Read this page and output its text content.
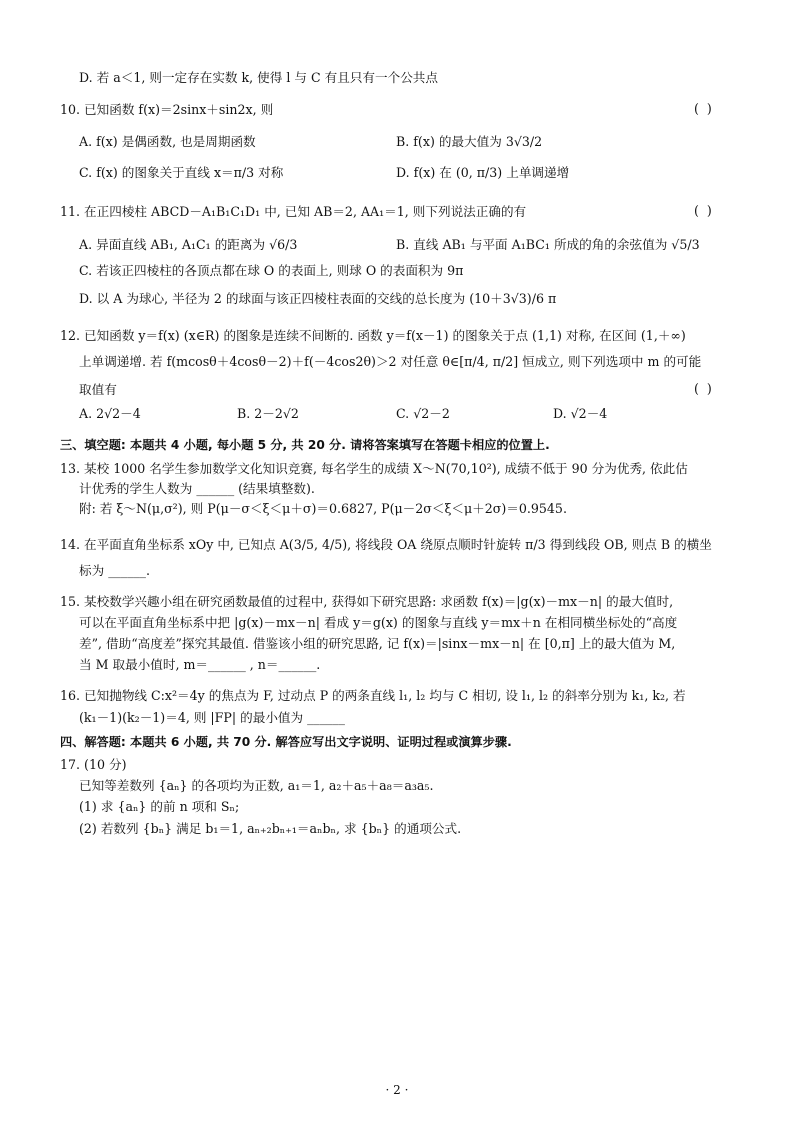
D. 若 a＜1, 则一定存在实数 k, 使得 l 与 C 有且只有一个公共点
10. 已知函数 f(x)＝2sinx＋sin2x, 则	( )
A. f(x) 是偶函数, 也是周期函数	B. f(x) 的最大值为 3√3/2
C. f(x) 的图象关于直线 x＝π/3 对称	D. f(x) 在 (0, π/3) 上单调递增
11. 在正四棱柱 ABCD－A₁B₁C₁D₁ 中, 已知 AB＝2, AA₁＝1, 则下列说法正确的有	( )
A. 异面直线 AB₁, A₁C₁ 的距离为 √6/3	B. 直线 AB₁ 与平面 A₁BC₁ 所成的角的余弦值为 √5/3
C. 若该正四棱柱的各顶点都在球 O 的表面上, 则球 O 的表面积为 9π
D. 以 A 为球心, 半径为 2 的球面与该正四棱柱表面的交线的总长度为 (10＋3√3)/6 π
12. 已知函数 y＝f(x) (x∈R) 的图象是连续不间断的. 函数 y＝f(x－1) 的图象关于点 (1,1) 对称, 在区间 (1,＋∞)
上单调递增. 若 f(mcosθ＋4cosθ－2)＋f(－4cos2θ)＞2 对任意 θ∈[π/4, π/2] 恒成立, 则下列选项中 m 的可能
取值有	( )
A. 2√2－4	B. 2－2√2	C. √2－2	D. √2－4
三、填空题: 本题共 4 小题, 每小题 5 分, 共 20 分. 请将答案填写在答题卡相应的位置上.
13. 某校 1000 名学生参加数学文化知识竞赛, 每名学生的成绩 X～N(70,10²), 成绩不低于 90 分为优秀, 依此估
计优秀的学生人数为 ______ (结果填整数).
附: 若 ξ～N(μ,σ²), 则 P(μ－σ＜ξ＜μ＋σ)＝0.6827, P(μ－2σ＜ξ＜μ＋2σ)＝0.9545.
14. 在平面直角坐标系 xOy 中, 已知点 A(3/5, 4/5), 将线段 OA 绕原点顺时针旋转 π/3 得到线段 OB, 则点 B 的横坐
标为 ______.
15. 某校数学兴趣小组在研究函数最值的过程中, 获得如下研究思路: 求函数 f(x)＝|g(x)－mx－n| 的最大值时,
可以在平面直角坐标系中把 |g(x)－mx－n| 看成 y＝g(x) 的图象与直线 y＝mx＋n 在相同横坐标处的“高度
差”, 借助“高度差”探究其最值. 借鉴该小组的研究思路, 记 f(x)＝|sinx－mx－n| 在 [0,π] 上的最大值为 M,
当 M 取最小值时, m＝______ , n＝______.
16. 已知抛物线 C:x²＝4y 的焦点为 F, 过动点 P 的两条直线 l₁, l₂ 均与 C 相切, 设 l₁, l₂ 的斜率分别为 k₁, k₂, 若
(k₁－1)(k₂－1)＝4, 则 |FP| 的最小值为 ______
四、解答题: 本题共 6 小题, 共 70 分. 解答应写出文字说明、证明过程或演算步骤.
17. (10 分)
已知等差数列 {aₙ} 的各项均为正数, a₁＝1, a₂＋a₅＋a₈＝a₃a₅.
(1) 求 {aₙ} 的前 n 项和 Sₙ;
(2) 若数列 {bₙ} 满足 b₁＝1, aₙ₊₂bₙ₊₁＝aₙbₙ, 求 {bₙ} 的通项公式.
· 2 ·
